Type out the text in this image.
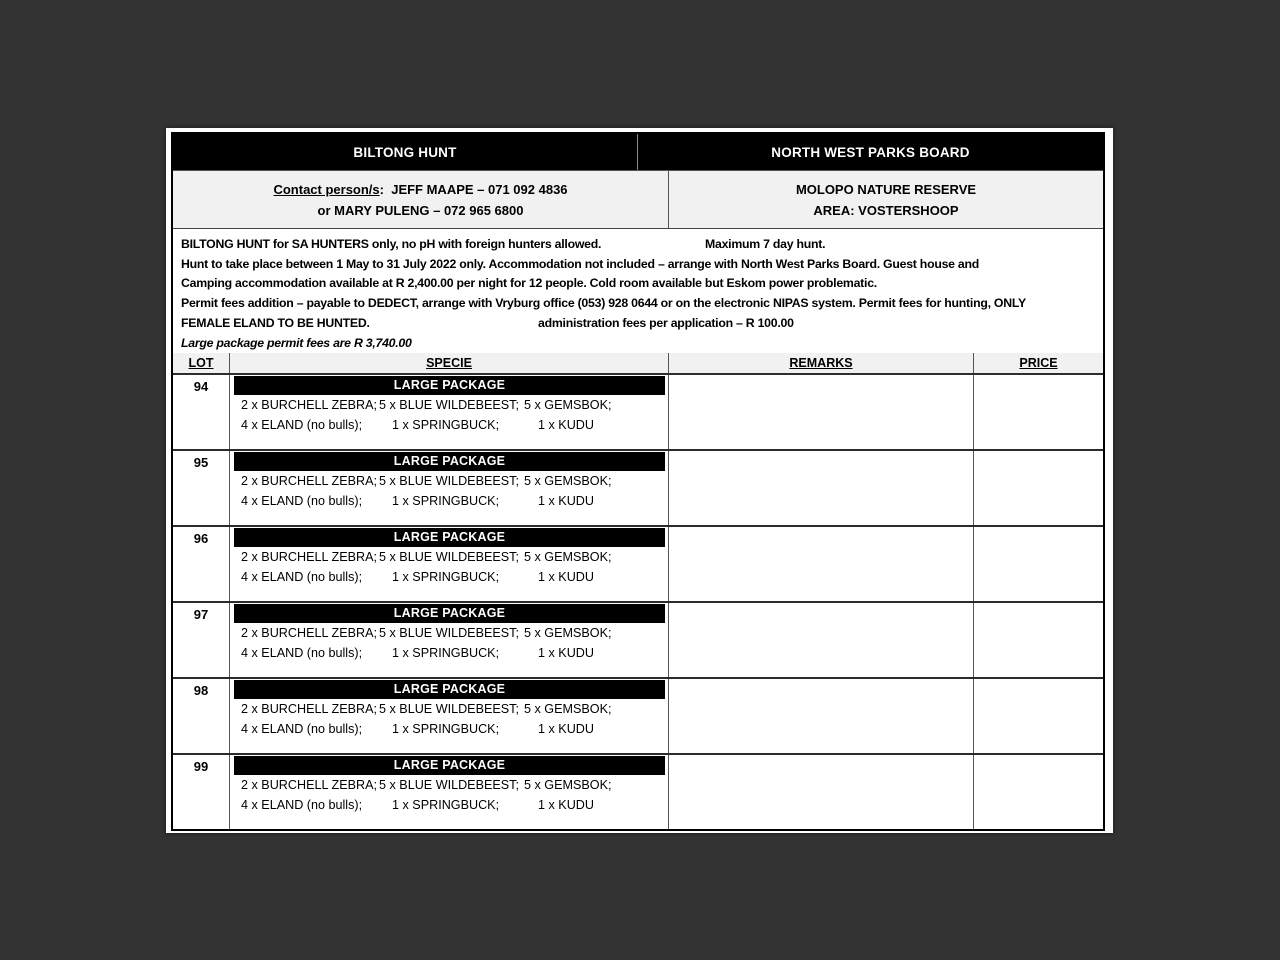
BILTONG HUNT	NORTH WEST PARKS BOARD
Contact person/s:  JEFF MAAPE – 071 092 4836
or MARY PULENG – 072 965 6800
MOLOPO NATURE RESERVE
AREA: VOSTERSHOOP
BILTONG HUNT for SA HUNTERS only, no pH with foreign hunters allowed.	Maximum 7 day hunt.
Hunt to take place between 1 May to 31 July 2022 only. Accommodation not included – arrange with North West Parks Board. Guest house and
Camping accommodation available at R 2,400.00 per night for 12 people. Cold room available but Eskom power problematic.
Permit fees addition – payable to DEDECT, arrange with Vryburg office (053) 928 0644 or on the electronic NIPAS system. Permit fees for hunting, ONLY
FEMALE ELAND TO BE HUNTED.	administration fees per application – R 100.00
Large package permit fees are R 3,740.00
LOT	SPECIE	REMARKS	PRICE
94	LARGE PACKAGE
2 x BURCHELL ZEBRA; 5 x BLUE WILDEBEEST; 5 x GEMSBOK;
4 x ELAND (no bulls); 1 x SPRINGBUCK;	1 x KUDU
95	LARGE PACKAGE
2 x BURCHELL ZEBRA; 5 x BLUE WILDEBEEST; 5 x GEMSBOK;
4 x ELAND (no bulls); 1 x SPRINGBUCK;	1 x KUDU
96	LARGE PACKAGE
2 x BURCHELL ZEBRA; 5 x BLUE WILDEBEEST; 5 x GEMSBOK;
4 x ELAND (no bulls); 1 x SPRINGBUCK;	1 x KUDU
97	LARGE PACKAGE
2 x BURCHELL ZEBRA; 5 x BLUE WILDEBEEST; 5 x GEMSBOK;
4 x ELAND (no bulls); 1 x SPRINGBUCK;	1 x KUDU
98	LARGE PACKAGE
2 x BURCHELL ZEBRA; 5 x BLUE WILDEBEEST; 5 x GEMSBOK;
4 x ELAND (no bulls); 1 x SPRINGBUCK;	1 x KUDU
99	LARGE PACKAGE
2 x BURCHELL ZEBRA; 5 x BLUE WILDEBEEST; 5 x GEMSBOK;
4 x ELAND (no bulls); 1 x SPRINGBUCK;	1 x KUDU
